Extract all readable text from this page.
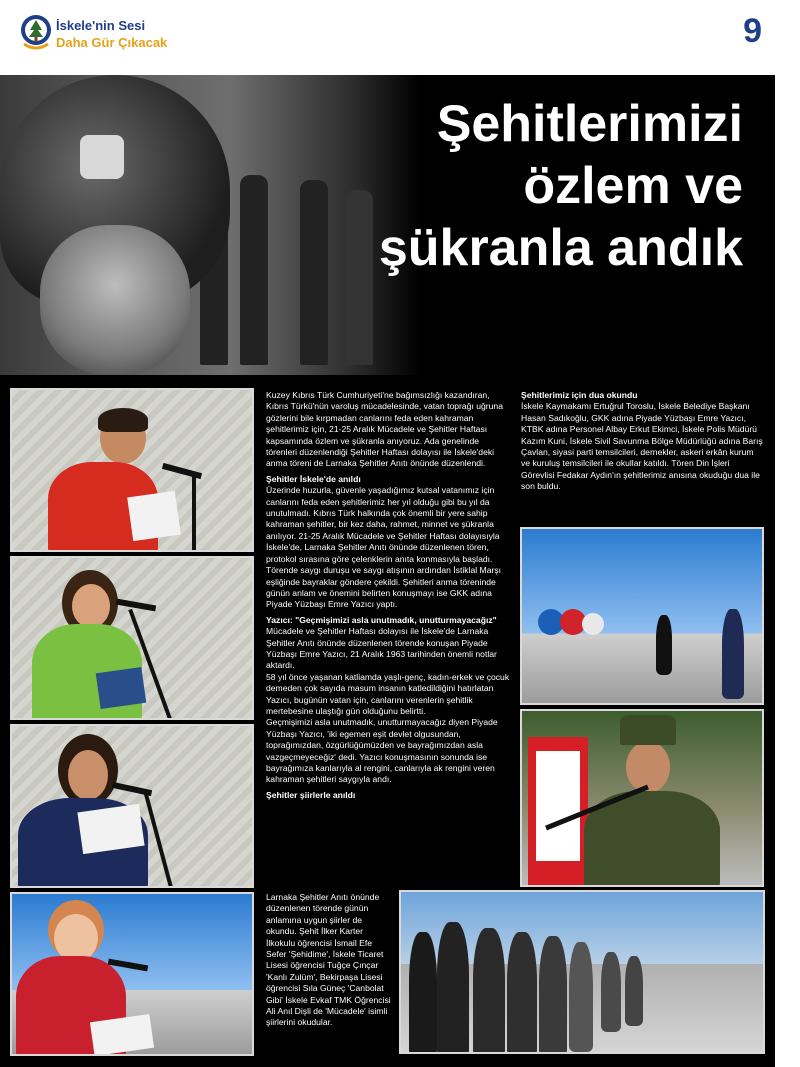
İskele'nin Sesi
Daha Gür Çıkacak	9
Şehitlerimizi özlem ve şükranla andık

Kuzey Kıbrıs Türk Cumhuriyeti'ne bağımsızlığı kazandıran, Kıbrıs Türkü'nün varoluş mücadelesinde, vatan toprağı uğruna gözlerini bile kırpmadan canlarını feda eden kahraman şehitlerimiz için, 21-25 Aralık Mücadele ve Şehitler Haftası kapsamında özlem ve şükranla anıyoruz. Ada genelinde törenleri düzenlendiği Şehitler Haftası dolayısı ile İskele'deki anma töreni de Larnaka Şehitler Anıtı önünde düzenlendi.

Şehitler İskele'de anıldı

Üzerinde huzurla, güvenle yaşadığımız kutsal vatanımız için canlarını feda eden şehitlerimiz her yıl olduğu gibi bu yıl da unutulmadı. Kıbrıs Türk halkında çok önemli bir yere sahip kahraman şehitler, bir kez daha, rahmet, minnet ve şükranla anılıyor. 21-25 Aralık Mücadele ve Şehitler Haftası dolayısıyla İskele'de, Larnaka Şehitler Anıtı önünde düzenlenen tören, protokol sırasına göre çelenklerin anıta konmasıyla başladı. Törende saygı duruşu ve saygı atışının ardından İstiklal Marşı eşliğinde bayraklar göndere çekildi. Şehitleri anma töreninde günün anlam ve önemini belirten konuşmayı ise GKK adına Piyade Yüzbaşı Emre Yazıcı yaptı.

Yazıcı: "Geçmişimizi asla unutmadık, unutturmayacağız"

Mücadele ve Şehitler Haftası dolayısı ile İskele'de Larnaka Şehitler Anıtı önünde düzenlenen törende konuşan Piyade Yüzbaşı Emre Yazıcı, 21 Aralık 1963 tarihinden önemli notlar aktardı.

58 yıl önce yaşanan katliamda yaşlı-genç, kadın-erkek ve çocuk demeden çok sayıda masum insanın katledildiğini hatırlatan Yazıcı, bugünün vatan için, canlarını verenlerin şehitlik mertebesine ulaştığı gün olduğunu belirtti.

Geçmişimizi asla unutmadık, unutturmayacağız diyen Piyade Yüzbaşı Yazıcı, 'iki egemen eşit devlet olgusundan, toprağımızdan, özgürlüğümüzden ve bayrağımızdan asla vazgeçmeyeceğiz' dedi. Yazıcı konuşmasının sonunda ise bayrağımıza kanlarıyla al rengini, canlarıyla ak rengini veren kahraman şehitleri saygıyla andı.

Şehitler şiirlerle anıldı

Larnaka Şehitler Anıtı önünde düzenlenen törende günün anlamına uygun şiirler de okundu. Şehit İlker Karter İlkokulu öğrencisi İsmail Efe Sefer 'Şehidime', İskele Ticaret Lisesi öğrencisi Tuğçe Çınçar 'Kanlı Zulüm', Bekirpaşa Lisesi öğrencisi Sıla Güneç 'Canbolat Gibi' İskele Evkaf TMK Öğrencisi Ali Anıl Dişli de 'Mücadele' isimli şiirlerini okudular.

Şehitlerimiz için dua okundu

İskele Kaymakamı Ertuğrul Toroslu, İskele Belediye Başkanı Hasan Sadıkoğlu, GKK adına Piyade Yüzbaşı Emre Yazıcı, KTBK adına Personel Albay Erkut Ekimci, İskele Polis Müdürü Kazım Kuni, İskele Sivil Savunma Bölge Müdürlüğü adına Barış Çavlan, siyasi parti temsilcileri, dernekler, askeri erkân kurum ve kuruluş temsilcileri ile okullar katıldı. Tören Din İşleri Görevlisi Fedakar Aydın'ın şehitlerimiz anısına okuduğu dua ile son buldu.
